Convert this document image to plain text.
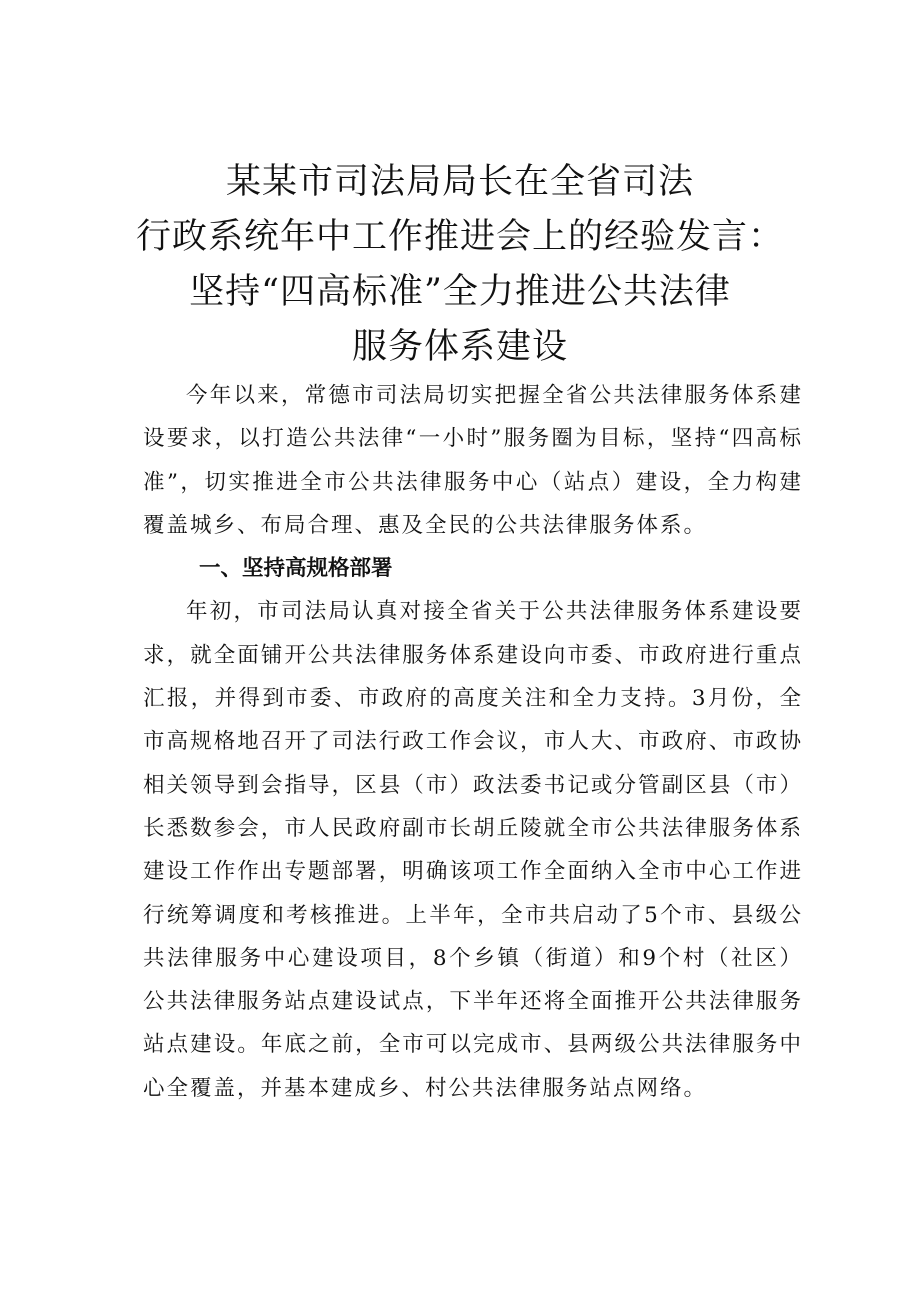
某某市司法局局长在全省司法
行政系统年中工作推进会上的经验发言：
坚持“四高标准”全力推进公共法律
服务体系建设

今年以来，常德市司法局切实把握全省公共法律服务体系建设要求，以打造公共法律“一小时”服务圈为目标，坚持“四高标准”，切实推进全市公共法律服务中心（站点）建设，全力构建覆盖城乡、布局合理、惠及全民的公共法律服务体系。

一、坚持高规格部署

年初，市司法局认真对接全省关于公共法律服务体系建设要求，就全面铺开公共法律服务体系建设向市委、市政府进行重点汇报，并得到市委、市政府的高度关注和全力支持。3月份，全市高规格地召开了司法行政工作会议，市人大、市政府、市政协相关领导到会指导，区县（市）政法委书记或分管副区县（市）长悉数参会，市人民政府副市长胡丘陵就全市公共法律服务体系建设工作作出专题部署，明确该项工作全面纳入全市中心工作进行统筹调度和考核推进。上半年，全市共启动了5个市、县级公共法律服务中心建设项目，8个乡镇（街道）和9个村（社区）公共法律服务站点建设试点，下半年还将全面推开公共法律服务站点建设。年底之前，全市可以完成市、县两级公共法律服务中心全覆盖，并基本建成乡、村公共法律服务站点网络。
